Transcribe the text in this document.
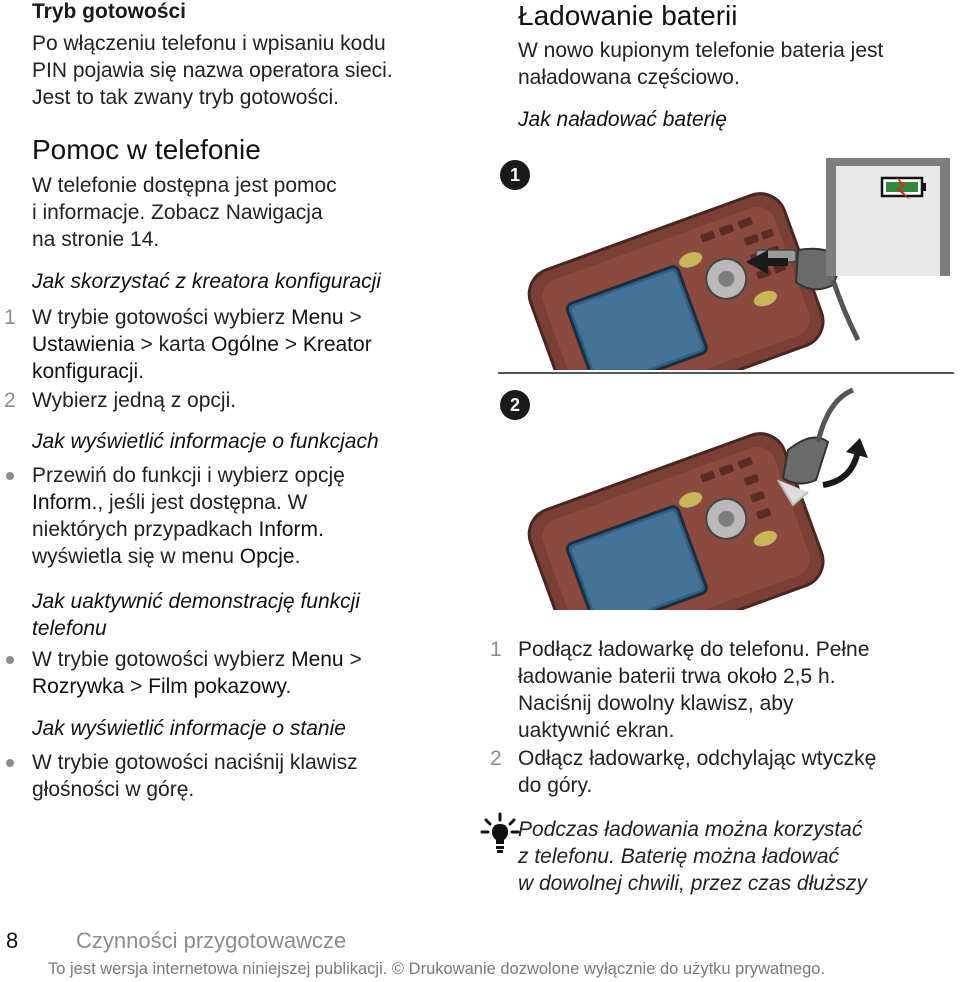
Tryb gotowości
Po włączeniu telefonu i wpisaniu kodu
PIN pojawia się nazwa operatora sieci.
Jest to tak zwany tryb gotowości.
Pomoc w telefonie
W telefonie dostępna jest pomoc
i informacje. Zobacz Nawigacja
na stronie 14.
Jak skorzystać z kreatora konfiguracji
1 W trybie gotowości wybierz Menu >
Ustawienia > karta Ogólne > Kreator
konfiguracji.
2 Wybierz jedną z opcji.
Jak wyświetlić informacje o funkcjach
Przewiń do funkcji i wybierz opcję
Inform., jeśli jest dostępna. W
niektórych przypadkach Inform.
wyświetla się w menu Opcje.
Jak uaktywnić demonstrację funkcji
telefonu
W trybie gotowości wybierz Menu >
Rozrywka > Film pokazowy.
Jak wyświetlić informacje o stanie
W trybie gotowości naciśnij klawisz
głośności w górę.
Ładowanie baterii
W nowo kupionym telefonie bateria jest
naładowana częściowo.
Jak naładować baterię
1
2
1 Podłącz ładowarkę do telefonu. Pełne
ładowanie baterii trwa około 2,5 h.
Naciśnij dowolny klawisz, aby
uaktywnić ekran.
2 Odłącz ładowarkę, odchylając wtyczkę
do góry.
Podczas ładowania można korzystać
z telefonu. Baterię można ładować
w dowolnej chwili, przez czas dłuższy
8	Czynności przygotowawcze
To jest wersja internetowa niniejszej publikacji. © Drukowanie dozwolone wyłącznie do użytku prywatnego.
